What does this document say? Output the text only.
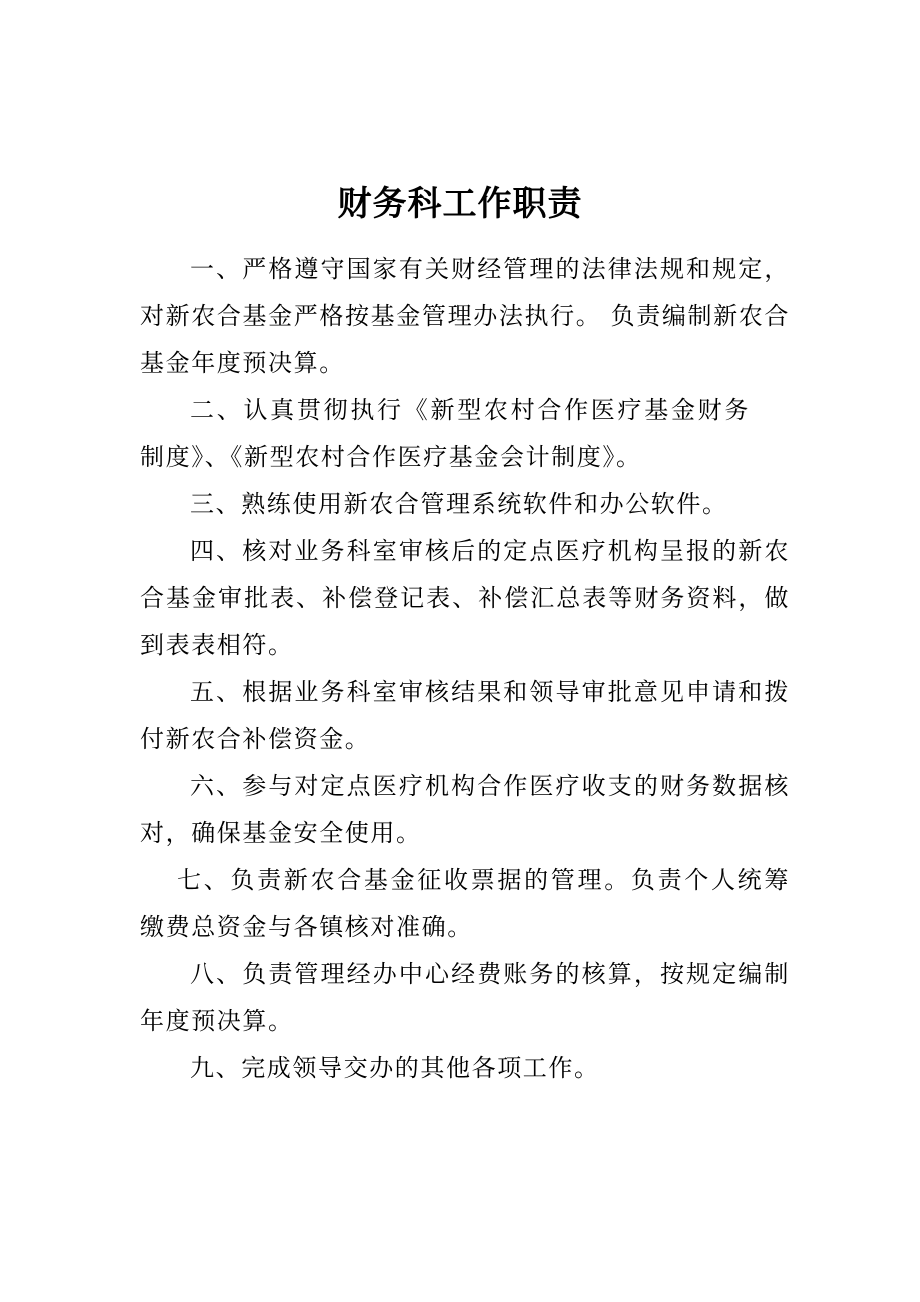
财务科工作职责

一、严格遵守国家有关财经管理的法律法规和规定，对新农合基金严格按基金管理办法执行。 负责编制新农合基金年度预决算。

二、认真贯彻执行《新型农村合作医疗基金财务制度》、《新型农村合作医疗基金会计制度》。

三、熟练使用新农合管理系统软件和办公软件。

四、核对业务科室审核后的定点医疗机构呈报的新农合基金审批表、补偿登记表、补偿汇总表等财务资料，做到表表相符。

五、根据业务科室审核结果和领导审批意见申请和拨付新农合补偿资金。

六、参与对定点医疗机构合作医疗收支的财务数据核对，确保基金安全使用。

七、负责新农合基金征收票据的管理。负责个人统筹缴费总资金与各镇核对准确。

八、负责管理经办中心经费账务的核算，按规定编制年度预决算。

九、完成领导交办的其他各项工作。
